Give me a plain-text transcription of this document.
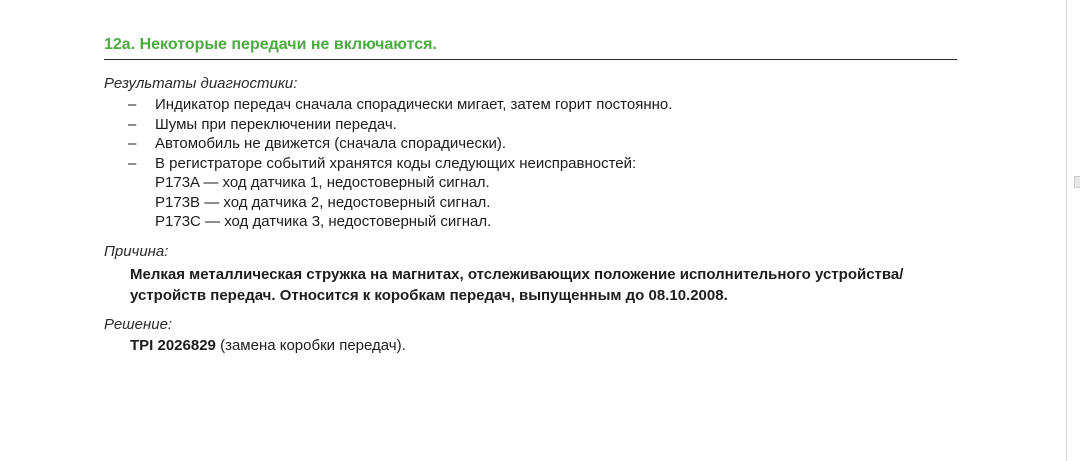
12a. Некоторые передачи не включаются.

Результаты диагностики:

– Индикатор передач сначала спорадически мигает, затем горит постоянно.
– Шумы при переключении передач.
– Автомобиль не движется (сначала спорадически).
– В регистраторе событий хранятся коды следующих неисправностей:
P173A — ход датчика 1, недостоверный сигнал.
P173B — ход датчика 2, недостоверный сигнал.
P173C — ход датчика 3, недостоверный сигнал.

Причина:

Мелкая металлическая стружка на магнитах, отслеживающих положение исполнительного устройства/устройств передач. Относится к коробкам передач, выпущенным до 08.10.2008.

Решение:

TPI 2026829 (замена коробки передач).
